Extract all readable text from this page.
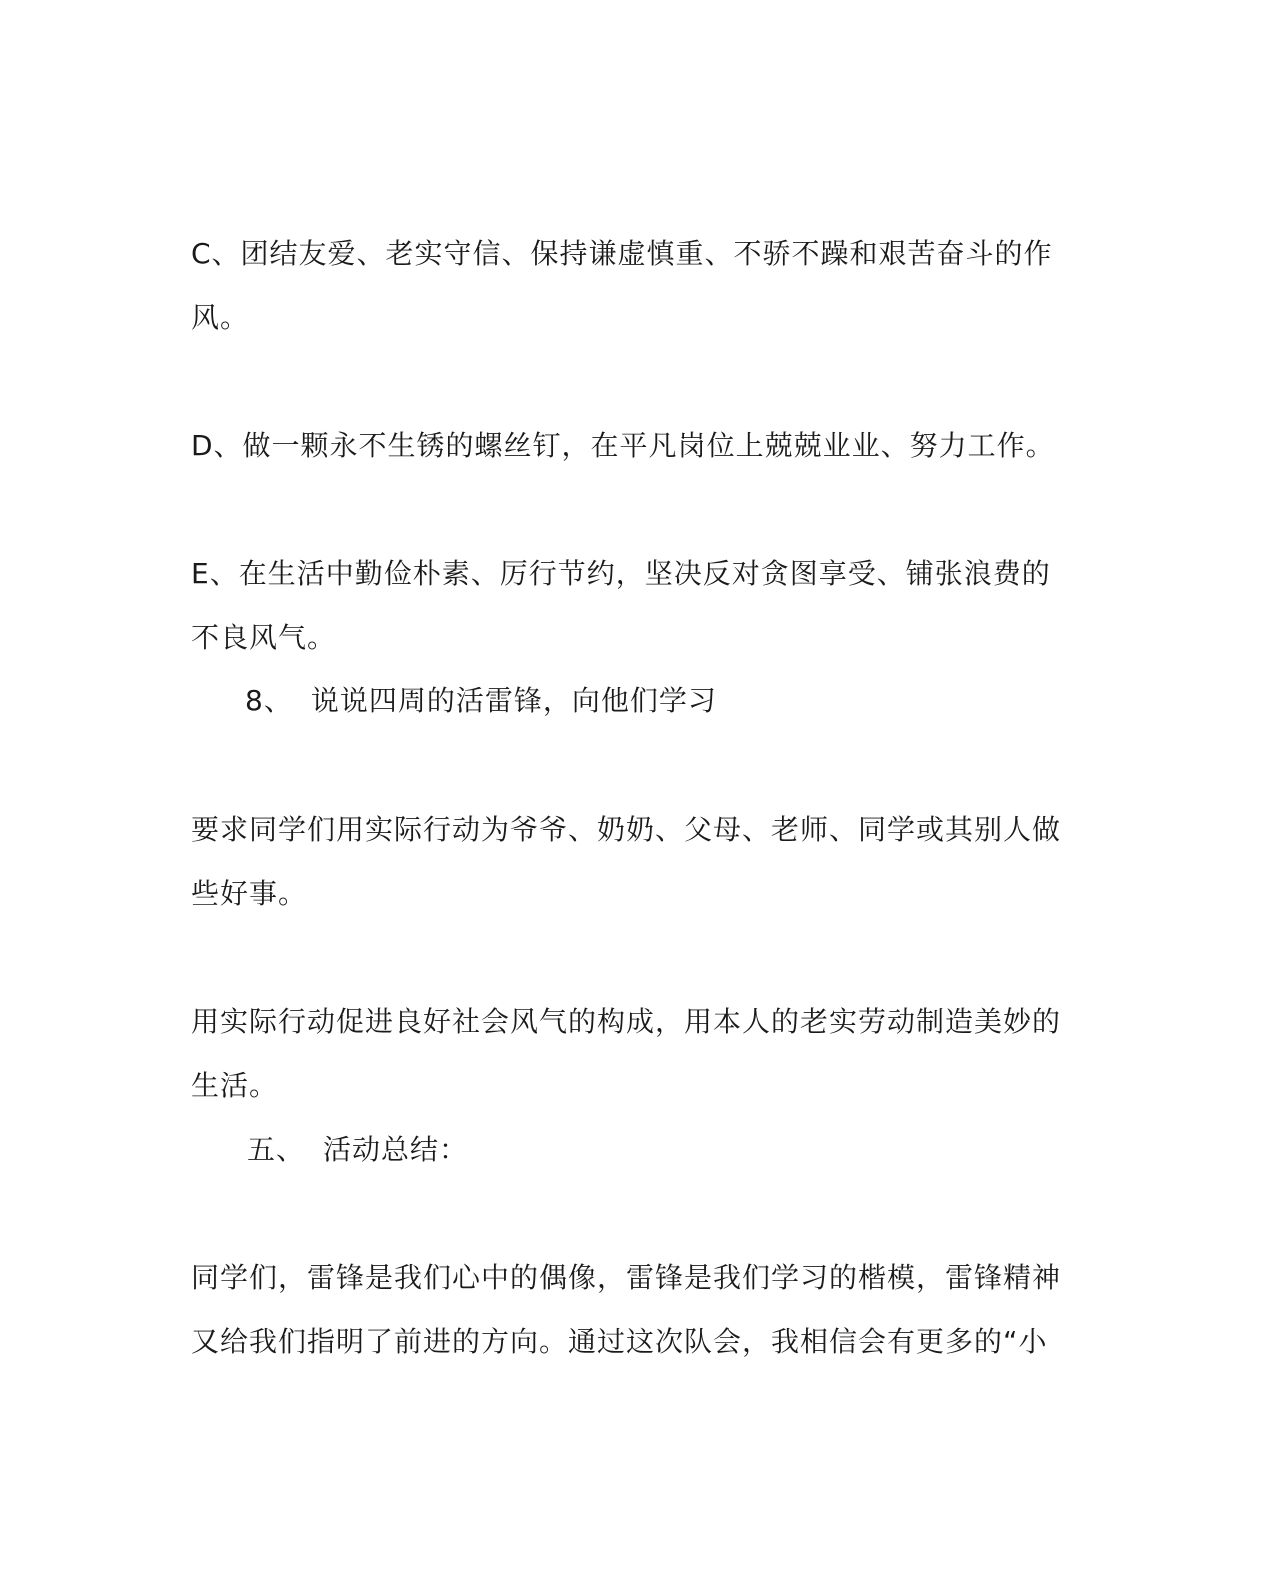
C、团结友爱、老实守信、保持谦虚慎重、不骄不躁和艰苦奋斗的作
风。
D、做一颗永不生锈的螺丝钉，在平凡岗位上兢兢业业、努力工作。
E、在生活中勤俭朴素、厉行节约，坚决反对贪图享受、铺张浪费的
不良风气。
8、 说说四周的活雷锋，向他们学习
要求同学们用实际行动为爷爷、奶奶、父母、老师、同学或其别人做
些好事。
用实际行动促进良好社会风气的构成，用本人的老实劳动制造美妙的
生活。
五、 活动总结：
同学们，雷锋是我们心中的偶像，雷锋是我们学习的楷模，雷锋精神
又给我们指明了前进的方向。通过这次队会，我相信会有更多的“小
